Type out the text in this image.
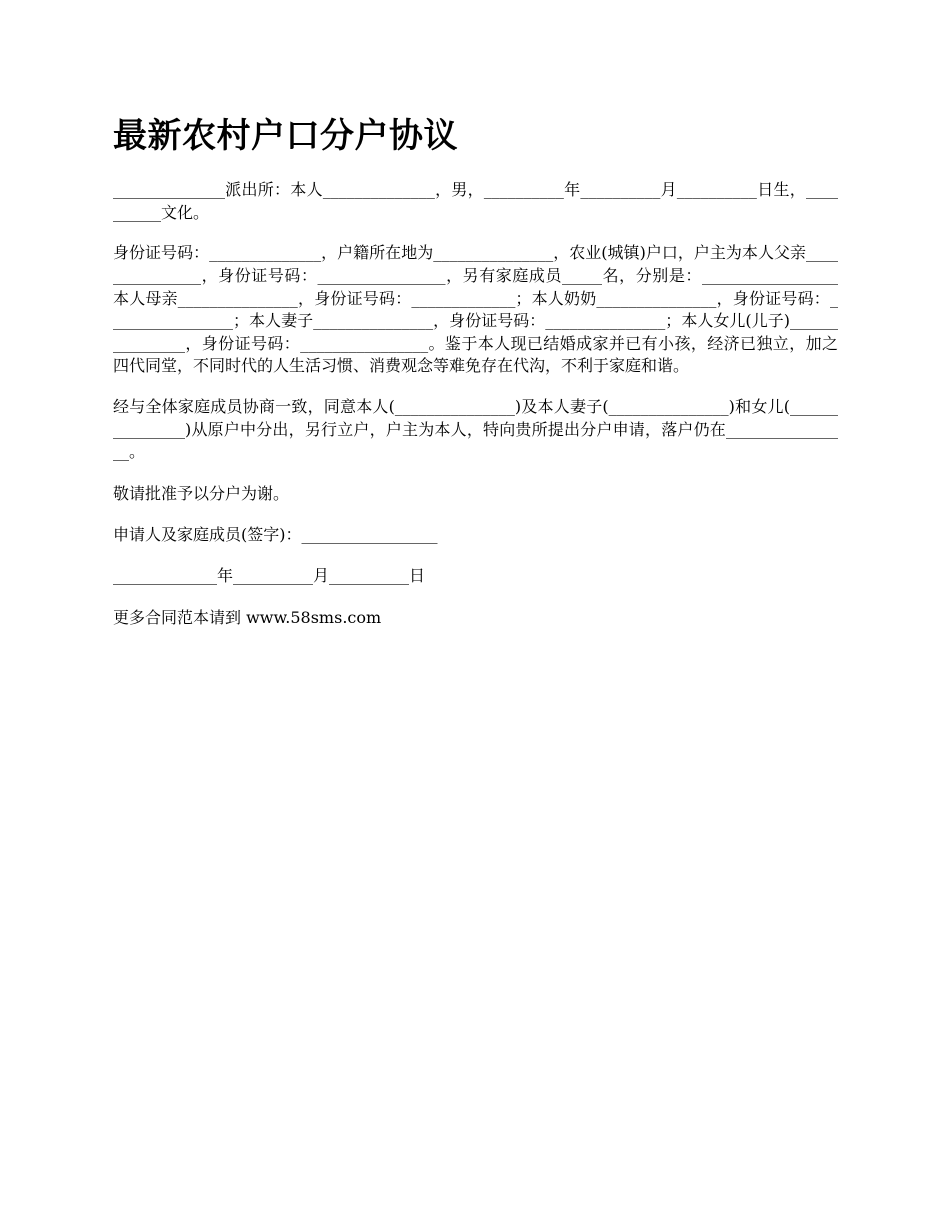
最新农村户口分户协议

______________派出所：本人______________，男，__________年__________月__________日生，__________文化。

身份证号码：______________，户籍所在地为_______________，农业(城镇)户口，户主为本人父亲_______________，身份证号码：________________，另有家庭成员_____名，分别是：_________________本人母亲_______________，身份证号码：_____________；本人奶奶_______________，身份证号码：________________；本人妻子_______________，身份证号码：_______________；本人女儿(儿子)_______________，身份证号码：________________。鉴于本人现已结婚成家并已有小孩，经济已独立，加之四代同堂，不同时代的人生活习惯、消费观念等难免存在代沟，不利于家庭和谐。

经与全体家庭成员协商一致，同意本人(_______________)及本人妻子(_______________)和女儿(_______________)从原户中分出，另行立户，户主为本人，特向贵所提出分户申请，落户仍在________________。

敬请批准予以分户为谢。

申请人及家庭成员(签字)：_________________

_____________年__________月__________日

更多合同范本请到 www.58sms.com
